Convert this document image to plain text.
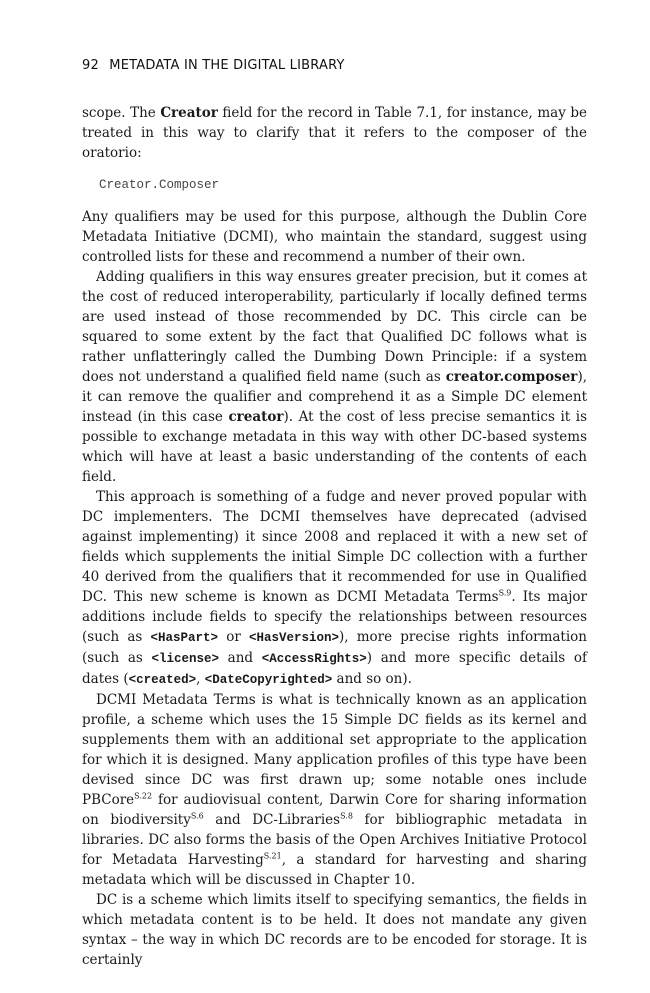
92 METADATA IN THE DIGITAL LIBRARY

scope. The Creator field for the record in Table 7.1, for instance, may be treated in this way to clarify that it refers to the composer of the oratorio:

Creator.Composer

Any qualifiers may be used for this purpose, although the Dublin Core Metadata Initiative (DCMI), who maintain the standard, suggest using controlled lists for these and recommend a number of their own.

Adding qualifiers in this way ensures greater precision, but it comes at the cost of reduced interoperability, particularly if locally defined terms are used instead of those recommended by DC. This circle can be squared to some extent by the fact that Qualified DC follows what is rather unflatteringly called the Dumbing Down Principle: if a system does not understand a qualified field name (such as creator.composer), it can remove the qualifier and comprehend it as a Simple DC element instead (in this case creator). At the cost of less precise semantics it is possible to exchange metadata in this way with other DC-based systems which will have at least a basic understanding of the contents of each field.

This approach is something of a fudge and never proved popular with DC implementers. The DCMI themselves have deprecated (advised against implementing) it since 2008 and replaced it with a new set of fields which supplements the initial Simple DC collection with a further 40 derived from the qualifiers that it recommended for use in Qualified DC. This new scheme is known as DCMI Metadata Terms$^{S.9}$. Its major additions include fields to specify the relationships between resources (such as <HasPart> or <HasVersion>), more precise rights information (such as <license> and <AccessRights>) and more specific details of dates (<created>, <DateCopyrighted> and so on).

DCMI Metadata Terms is what is technically known as an application profile, a scheme which uses the 15 Simple DC fields as its kernel and supplements them with an additional set appropriate to the application for which it is designed. Many application profiles of this type have been devised since DC was first drawn up; some notable ones include PBCore$^{S.22}$ for audiovisual content, Darwin Core for sharing information on biodiversity$^{S.6}$ and DC-Libraries$^{S.8}$ for bibliographic metadata in libraries. DC also forms the basis of the Open Archives Initiative Protocol for Metadata Harvesting$^{S.21}$, a standard for harvesting and sharing metadata which will be discussed in Chapter 10.

DC is a scheme which limits itself to specifying semantics, the fields in which metadata content is to be held. It does not mandate any given syntax – the way in which DC records are to be encoded for storage. It is certainly
